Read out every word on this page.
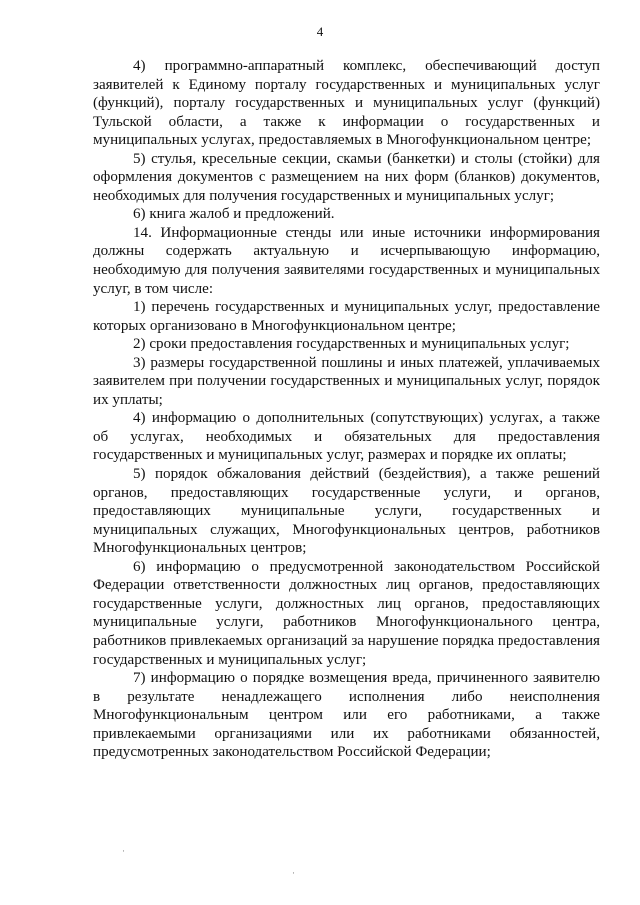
4

4) программно-аппаратный комплекс, обеспечивающий доступ заявителей к Единому порталу государственных и муниципальных услуг (функций), порталу государственных и муниципальных услуг (функций) Тульской области, а также к информации о государственных и муниципальных услугах, предоставляемых в Многофункциональном центре;

5) стулья, кресельные секции, скамьи (банкетки) и столы (стойки) для оформления документов с размещением на них форм (бланков) документов, необходимых для получения государственных и муниципальных услуг;

6) книга жалоб и предложений.

14. Информационные стенды или иные источники информирования должны содержать актуальную и исчерпывающую информацию, необходимую для получения заявителями государственных и муниципальных услуг, в том числе:

1) перечень государственных и муниципальных услуг, предоставление которых организовано в Многофункциональном центре;

2) сроки предоставления государственных и муниципальных услуг;

3) размеры государственной пошлины и иных платежей, уплачиваемых заявителем при получении государственных и муниципальных услуг, порядок их уплаты;

4) информацию о дополнительных (сопутствующих) услугах, а также об услугах, необходимых и обязательных для предоставления государственных и муниципальных услуг, размерах и порядке их оплаты;

5) порядок обжалования действий (бездействия), а также решений органов, предоставляющих государственные услуги, и органов, предоставляющих муниципальные услуги, государственных и муниципальных служащих, Многофункциональных центров, работников Многофункциональных центров;

6) информацию о предусмотренной законодательством Российской Федерации ответственности должностных лиц органов, предоставляющих государственные услуги, должностных лиц органов, предоставляющих муниципальные услуги, работников Многофункционального центра, работников привлекаемых организаций за нарушение порядка предоставления государственных и муниципальных услуг;

7) информацию о порядке возмещения вреда, причиненного заявителю в результате ненадлежащего исполнения либо неисполнения Многофункциональным центром или его работниками, а также привлекаемыми организациями или их работниками обязанностей, предусмотренных законодательством Российской Федерации;

·
·
